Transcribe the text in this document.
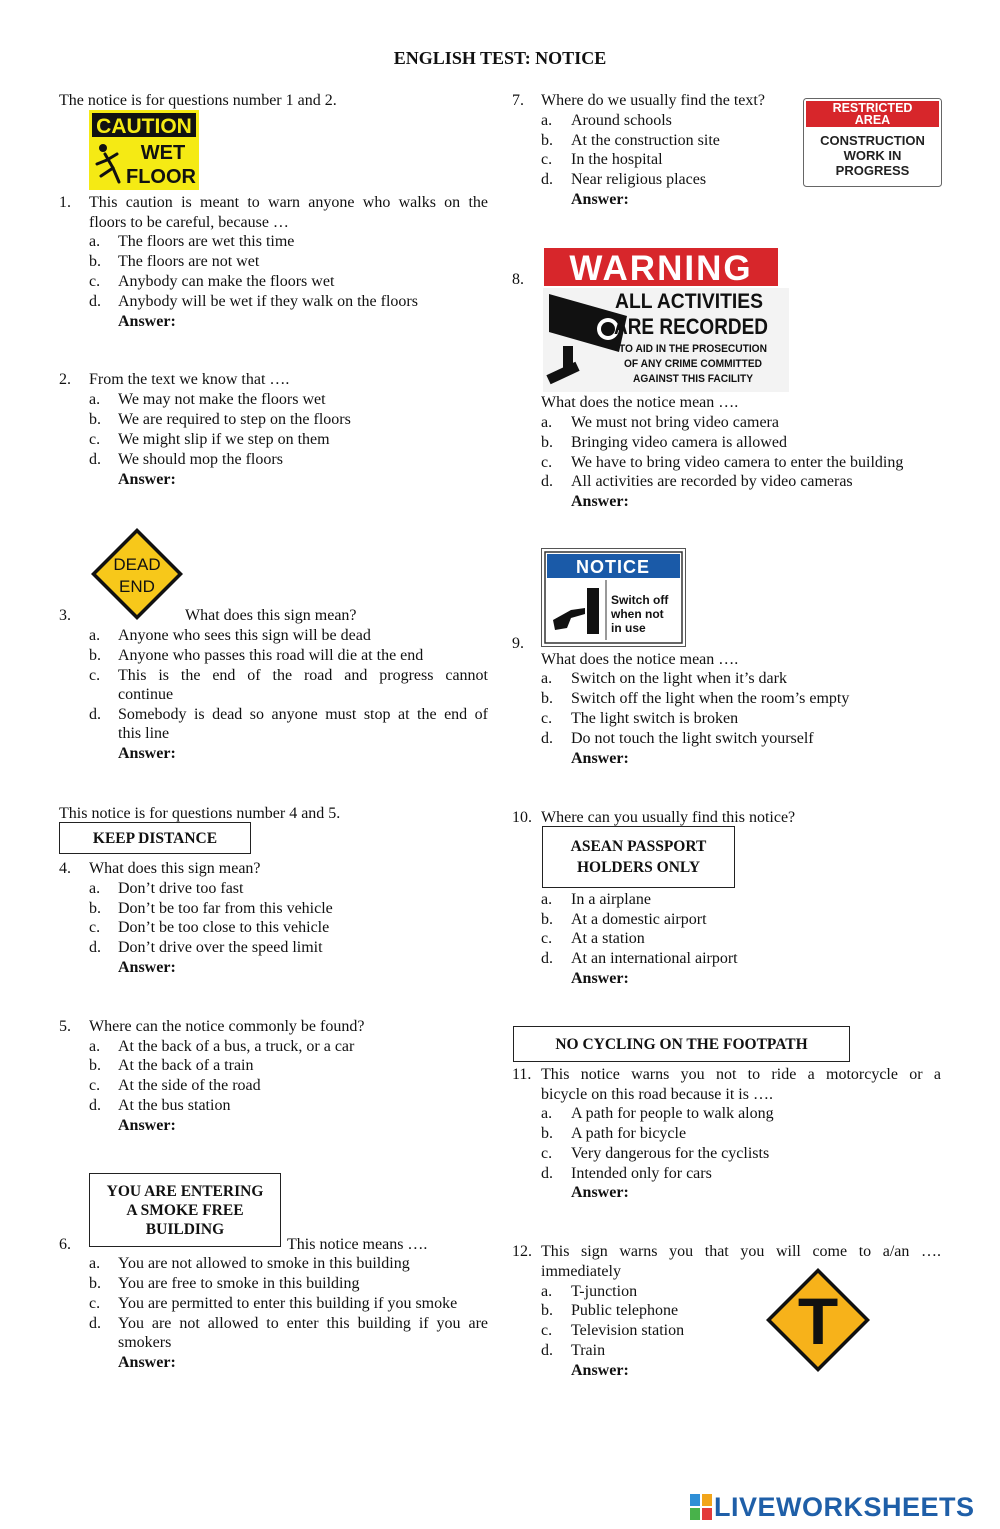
ENGLISH TEST: NOTICE
The notice is for questions number 1 and 2.
CAUTION
WET
FLOOR
1. This caution is meant to warn anyone who walks on the
floors to be careful, because …
a. The floors are wet this time
b. The floors are not wet
c. Anybody can make the floors wet
d. Anybody will be wet if they walk on the floors
Answer:
2. From the text we know that ….
a. We may not make the floors wet
b. We are required to step on the floors
c. We might slip if we step on them
d. We should mop the floors
Answer:
DEAD
END
3.	What does this sign mean?
a. Anyone who sees this sign will be dead
b. Anyone who passes this road will die at the end
c. This is the end of the road and progress cannot
continue
d. Somebody is dead so anyone must stop at the end of
this line
Answer:
This notice is for questions number 4 and 5.
KEEP DISTANCE
4. What does this sign mean?
a. Don’t drive too fast
b. Don’t be too far from this vehicle
c. Don’t be too close to this vehicle
d. Don’t drive over the speed limit
Answer:
5. Where can the notice commonly be found?
a. At the back of a bus, a truck, or a car
b. At the back of a train
c. At the side of the road
d. At the bus station
Answer:
YOU ARE ENTERING
A SMOKE FREE
BUILDING
6.	This notice means ….
a. You are not allowed to smoke in this building
b. You are free to smoke in this building
c. You are permitted to enter this building if you smoke
d. You are not allowed to enter this building if you are
smokers
Answer:
7. Where do we usually find the text?
a. Around schools
b. At the construction site
c. In the hospital
d. Near religious places
Answer:
RESTRICTED
AREA
CONSTRUCTION
WORK IN
PROGRESS
8. WARNING
ALL ACTIVITIES
ARE RECORDED
TO AID IN THE PROSECUTION
OF ANY CRIME COMMITTED
AGAINST THIS FACILITY
What does the notice mean ….
a. We must not bring video camera
b. Bringing video camera is allowed
c. We have to bring video camera to enter the building
d. All activities are recorded by video cameras
Answer:
NOTICE
Switch off
when not
in use
9.
What does the notice mean ….
a. Switch on the light when it’s dark
b. Switch off the light when the room’s empty
c. The light switch is broken
d. Do not touch the light switch yourself
Answer:
10. Where can you usually find this notice?
ASEAN PASSPORT
HOLDERS ONLY
a. In a airplane
b. At a domestic airport
c. At a station
d. At an international airport
Answer:
NO CYCLING ON THE FOOTPATH
11. This notice warns you not to ride a motorcycle or a
bicycle on this road because it is ….
a. A path for people to walk along
b. A path for bicycle
c. Very dangerous for the cyclists
d. Intended only for cars
Answer:
12. This sign warns you that you will come to a/an ….
immediately
a. T-junction
b. Public telephone
c. Television station
d. Train
Answer:
T
LIVEWORKSHEETS
